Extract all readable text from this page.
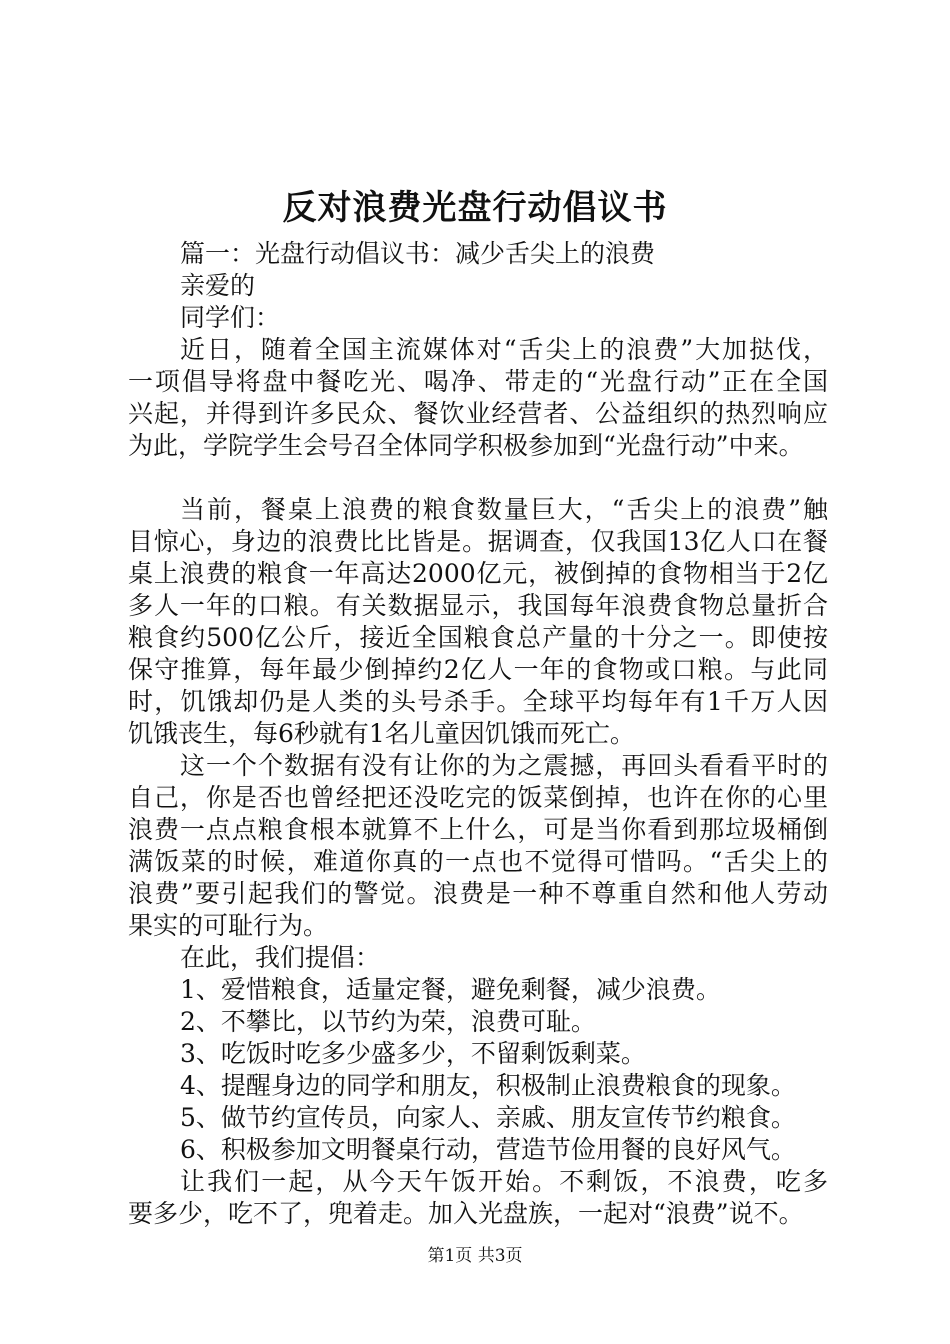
反对浪费光盘行动倡议书
篇一：光盘行动倡议书：减少舌尖上的浪费
亲爱的
同学们：
近日，随着全国主流媒体对“舌尖上的浪费”大加挞伐，
一项倡导将盘中餐吃光、喝净、带走的“光盘行动”正在全国
兴起，并得到许多民众、餐饮业经营者、公益组织的热烈响应
为此，学院学生会号召全体同学积极参加到“光盘行动”中来。
当前，餐桌上浪费的粮食数量巨大，“舌尖上的浪费”触
目惊心，身边的浪费比比皆是。据调查，仅我国13亿人口在餐
桌上浪费的粮食一年高达2000亿元，被倒掉的食物相当于2亿
多人一年的口粮。有关数据显示，我国每年浪费食物总量折合
粮食约500亿公斤，接近全国粮食总产量的十分之一。即使按
保守推算，每年最少倒掉约2亿人一年的食物或口粮。与此同
时，饥饿却仍是人类的头号杀手。全球平均每年有1千万人因
饥饿丧生，每6秒就有1名儿童因饥饿而死亡。
这一个个数据有没有让你的为之震撼，再回头看看平时的
自己，你是否也曾经把还没吃完的饭菜倒掉，也许在你的心里
浪费一点点粮食根本就算不上什么，可是当你看到那垃圾桶倒
满饭菜的时候，难道你真的一点也不觉得可惜吗。“舌尖上的
浪费”要引起我们的警觉。浪费是一种不尊重自然和他人劳动
果实的可耻行为。
在此，我们提倡：
1、爱惜粮食，适量定餐，避免剩餐，减少浪费。
2、不攀比，以节约为荣，浪费可耻。
3、吃饭时吃多少盛多少，不留剩饭剩菜。
4、提醒身边的同学和朋友，积极制止浪费粮食的现象。
5、做节约宣传员，向家人、亲戚、朋友宣传节约粮食。
6、积极参加文明餐桌行动，营造节俭用餐的良好风气。
让我们一起，从今天午饭开始。不剩饭，不浪费，吃多
要多少，吃不了，兜着走。加入光盘族，一起对“浪费”说不。
第1页 共3页
